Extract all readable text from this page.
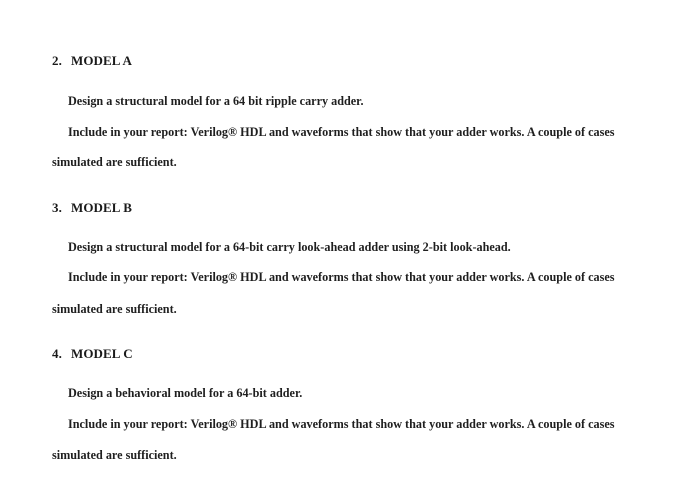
2. MODEL A
Design a structural model for a 64 bit ripple carry adder.
Include in your report: Verilog® HDL and waveforms that show that your adder works. A couple of cases
simulated are sufficient.
3. MODEL B
Design a structural model for a 64-bit carry look-ahead adder using 2-bit look-ahead.
Include in your report: Verilog® HDL and waveforms that show that your adder works. A couple of cases
simulated are sufficient.
4. MODEL C
Design a behavioral model for a 64-bit adder.
Include in your report: Verilog® HDL and waveforms that show that your adder works. A couple of cases
simulated are sufficient.
